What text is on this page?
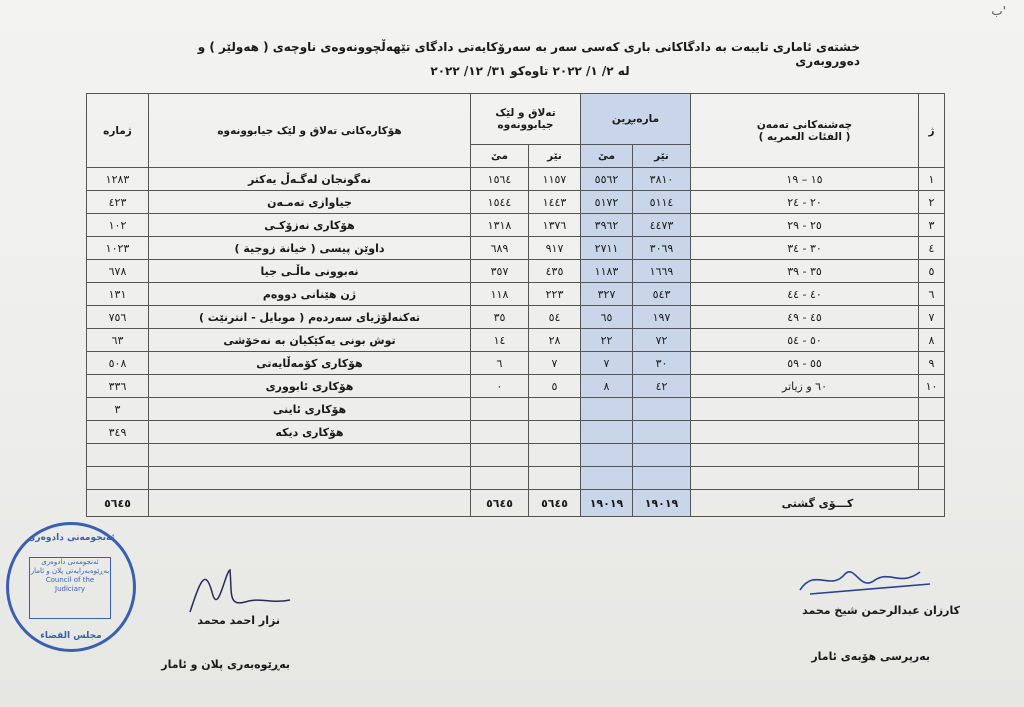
ب'
خشتەی ئاماری تایبەت بە دادگاکانی باری کەسی سەر بە سەرۆکایەتی دادگای تێهەڵچوونەوەی ناوچەی ( هەولێر ) و دەوروبەری
لە ٢/ ١/ ٢٠٢٢ تاوەکو ٣١/ ١٢/ ٢٠٢٢
ژ	چەشنەکانی تەمەن
( الفئات العمریە )	مارەبڕین		تەلاق و لێک جیابوونەوە		هۆکارەکانی تەلاق و لێک جیابوونەوە	ژمارە
		نێر	مێ	نێر	مێ		
١	١٥ – ١٩	٣٨١٠	٥٥٦٢	١١٥٧	١٥٦٤	نەگونجان لەگـەڵ یەکتر	١٢٨٣
٢	٢٠ - ٢٤	٥١١٤	٥١٧٢	١٤٤٣	١٥٤٤	جیاوازی تەمـەن	٤٢٣
٣	٢٥ - ٢٩	٤٤٧٣	٣٩٦٢	١٣٧٦	١٣١٨	هۆکاری نەزۆکـی	١٠٢
٤	٣٠ - ٣٤	٣٠٦٩	٢٧١١	٩١٧	٦٨٩	داوێن پیسی ( خیانة زوجیة )	١٠٢٣
٥	٣٥ - ٣٩	١٦٦٩	١١٨٣	٤٣٥	٣٥٧	نەبوونی ماڵـی جیا	٦٧٨
٦	٤٠ - ٤٤	٥٤٣	٣٢٧	٢٢٣	١١٨	ژن هێنانی دووەم	١٣١
٧	٤٥ - ٤٩	١٩٧	٦٥	٥٤	٣٥	تەکنەلۆژیای سەردەم ( موبایل - انترنێت )	٧٥٦
٨	٥٠ - ٥٤	٧٢	٢٢	٢٨	١٤	توش بونی یەکێکیان بە نەخۆشی	٦٣
٩	٥٥ - ٥٩	٣٠	٧	٧	٦	هۆکاری کۆمەڵایەتی	٥٠٨
١٠	٦٠ و زیاتر	٤٢	٨	٥	٠	هۆکاری ئابووری	٣٣٦
						هۆکاری ئاینی	٣
						هۆکاری دیکە	٣٤٩

کـــۆی گشتی		١٩٠١٩	١٩٠١٩	٥٦٤٥	٥٦٤٥		٥٦٤٥
کارزان عبدالرحمن شیخ محمد
بەرپرسی هۆبەی ئامار
نزار احمد محمد
بەڕێوەبەری پلان و ئامار
ئەنجومەنی دادوەری
ئەنجومەنی دادوەری
بەڕێوەبەرایەتی پلان و ئامار
Council of the
Judiciary
مجلس القضاء
